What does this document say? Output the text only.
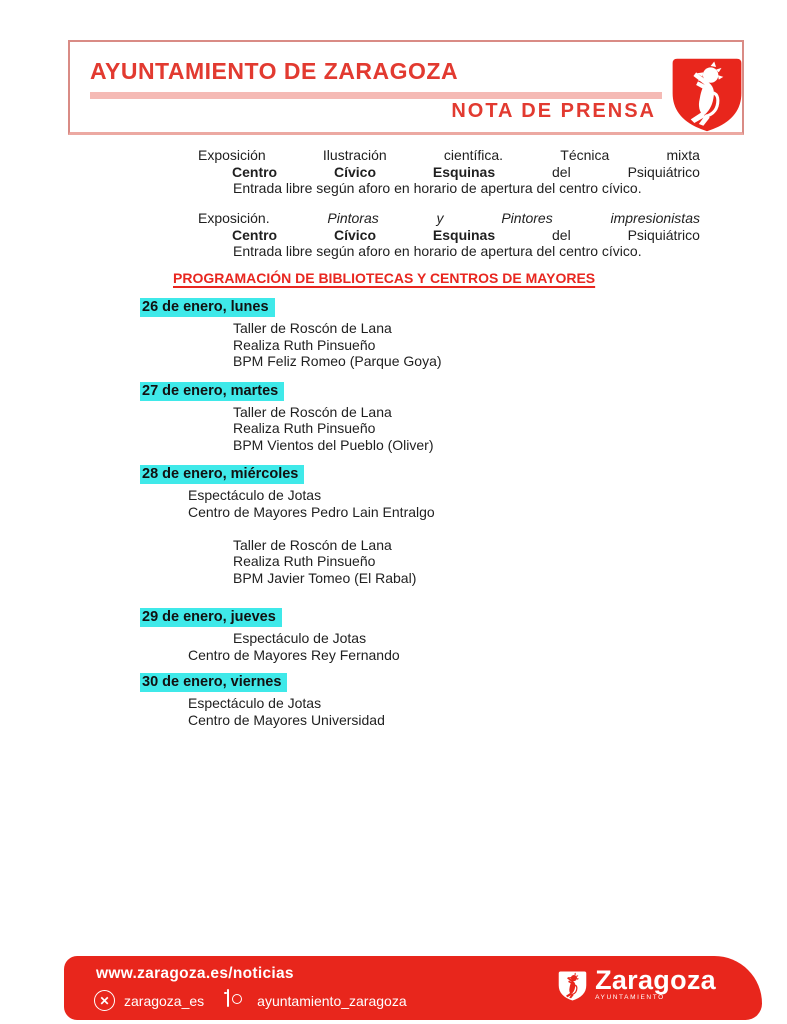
AYUNTAMIENTO DE ZARAGOZA
NOTA DE PRENSA
Exposición	Ilustración	científica.	Técnica	mixta
Centro	Cívico	Esquinas	del	Psiquiátrico
Entrada libre según aforo en horario de apertura del centro cívico.
Exposición.	Pintoras	y	Pintores	impresionistas
Centro	Cívico	Esquinas	del	Psiquiátrico
Entrada libre según aforo en horario de apertura del centro cívico.
PROGRAMACIÓN DE BIBLIOTECAS Y CENTROS DE MAYORES
26 de enero, lunes
Taller de Roscón de Lana
Realiza Ruth Pinsueño
BPM Feliz Romeo (Parque Goya)
27 de enero, martes
Taller de Roscón de Lana
Realiza Ruth Pinsueño
BPM Vientos del Pueblo (Oliver)
28 de enero, miércoles
Espectáculo de Jotas
Centro de Mayores Pedro Lain Entralgo
Taller de Roscón de Lana
Realiza Ruth Pinsueño
BPM Javier Tomeo (El Rabal)
29 de enero, jueves
Espectáculo de Jotas
Centro de Mayores Rey Fernando
30 de enero, viernes
Espectáculo de Jotas
Centro de Mayores Universidad
www.zaragoza.es/noticias
✕	zaragoza_es	ayuntamiento_zaragoza
Zaragoza
AYUNTAMIENTO
